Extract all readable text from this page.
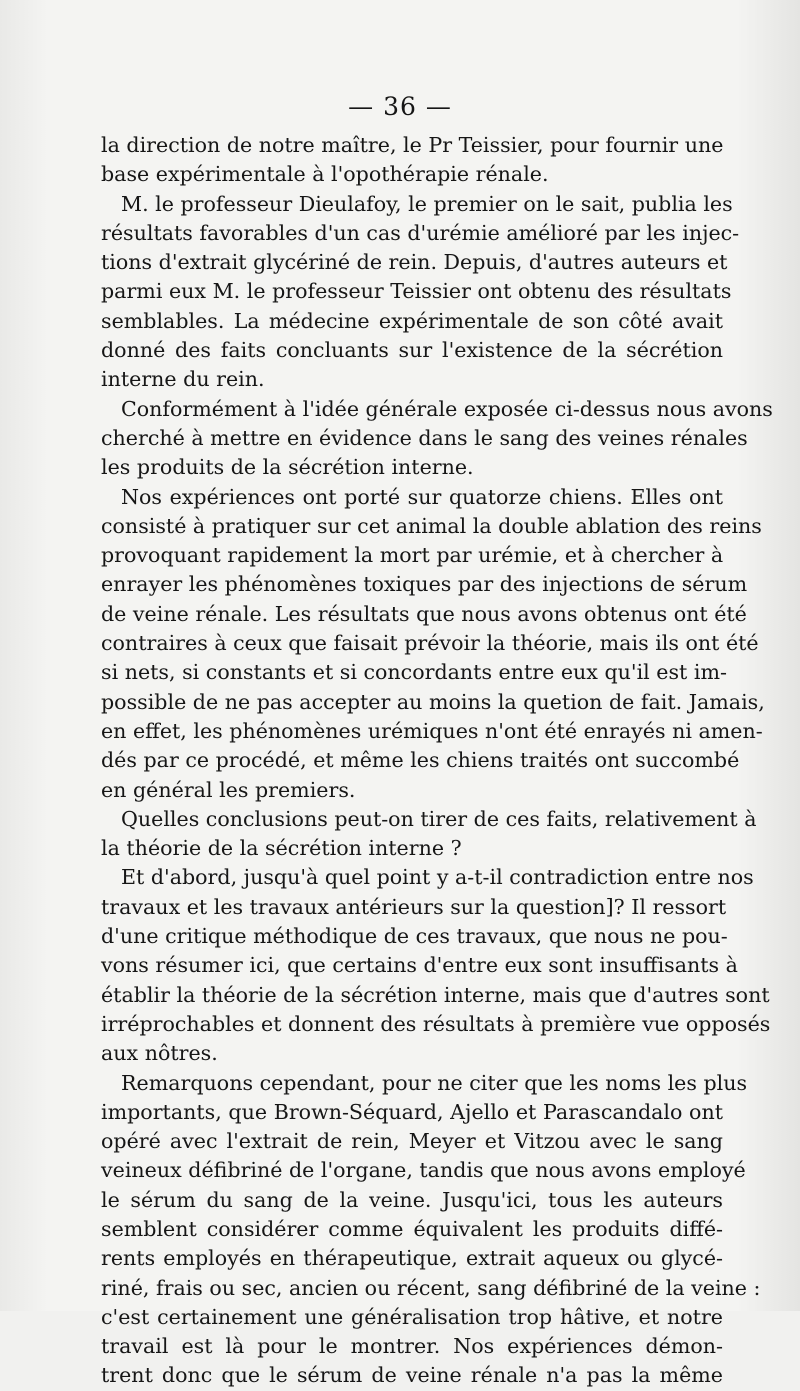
— 36 —
la direction de notre maître, le Pr Teissier, pour fournir une
base expérimentale à l'opothérapie rénale.
M. le professeur Dieulafoy, le premier on le sait, publia les
résultats favorables d'un cas d'urémie amélioré par les injec-
tions d'extrait glycériné de rein. Depuis, d'autres auteurs et
parmi eux M. le professeur Teissier ont obtenu des résultats
semblables. La médecine expérimentale de son côté avait
donné des faits concluants sur l'existence de la sécrétion
interne du rein.
Conformément à l'idée générale exposée ci-dessus nous avons
cherché à mettre en évidence dans le sang des veines rénales
les produits de la sécrétion interne.
Nos expériences ont porté sur quatorze chiens. Elles ont
consisté à pratiquer sur cet animal la double ablation des reins
provoquant rapidement la mort par urémie, et à chercher à
enrayer les phénomènes toxiques par des injections de sérum
de veine rénale. Les résultats que nous avons obtenus ont été
contraires à ceux que faisait prévoir la théorie, mais ils ont été
si nets, si constants et si concordants entre eux qu'il est im-
possible de ne pas accepter au moins la quetion de fait. Jamais,
en effet, les phénomènes urémiques n'ont été enrayés ni amen-
dés par ce procédé, et même les chiens traités ont succombé
en général les premiers.
Quelles conclusions peut-on tirer de ces faits, relativement à
la théorie de la sécrétion interne ?
Et d'abord, jusqu'à quel point y a-t-il contradiction entre nos
travaux et les travaux antérieurs sur la question]? Il ressort
d'une critique méthodique de ces travaux, que nous ne pou-
vons résumer ici, que certains d'entre eux sont insuffisants à
établir la théorie de la sécrétion interne, mais que d'autres sont
irréprochables et donnent des résultats à première vue opposés
aux nôtres.
Remarquons cependant, pour ne citer que les noms les plus
importants, que Brown-Séquard, Ajello et Parascandalo ont
opéré avec l'extrait de rein, Meyer et Vitzou avec le sang
veineux défibriné de l'organe, tandis que nous avons employé
le sérum du sang de la veine. Jusqu'ici, tous les auteurs
semblent considérer comme équivalent les produits diffé-
rents employés en thérapeutique, extrait aqueux ou glycé-
riné, frais ou sec, ancien ou récent, sang défibriné de la veine :
c'est certainement une généralisation trop hâtive, et notre
travail est là pour le montrer. Nos expériences démon-
trent donc que le sérum de veine rénale n'a pas la même
